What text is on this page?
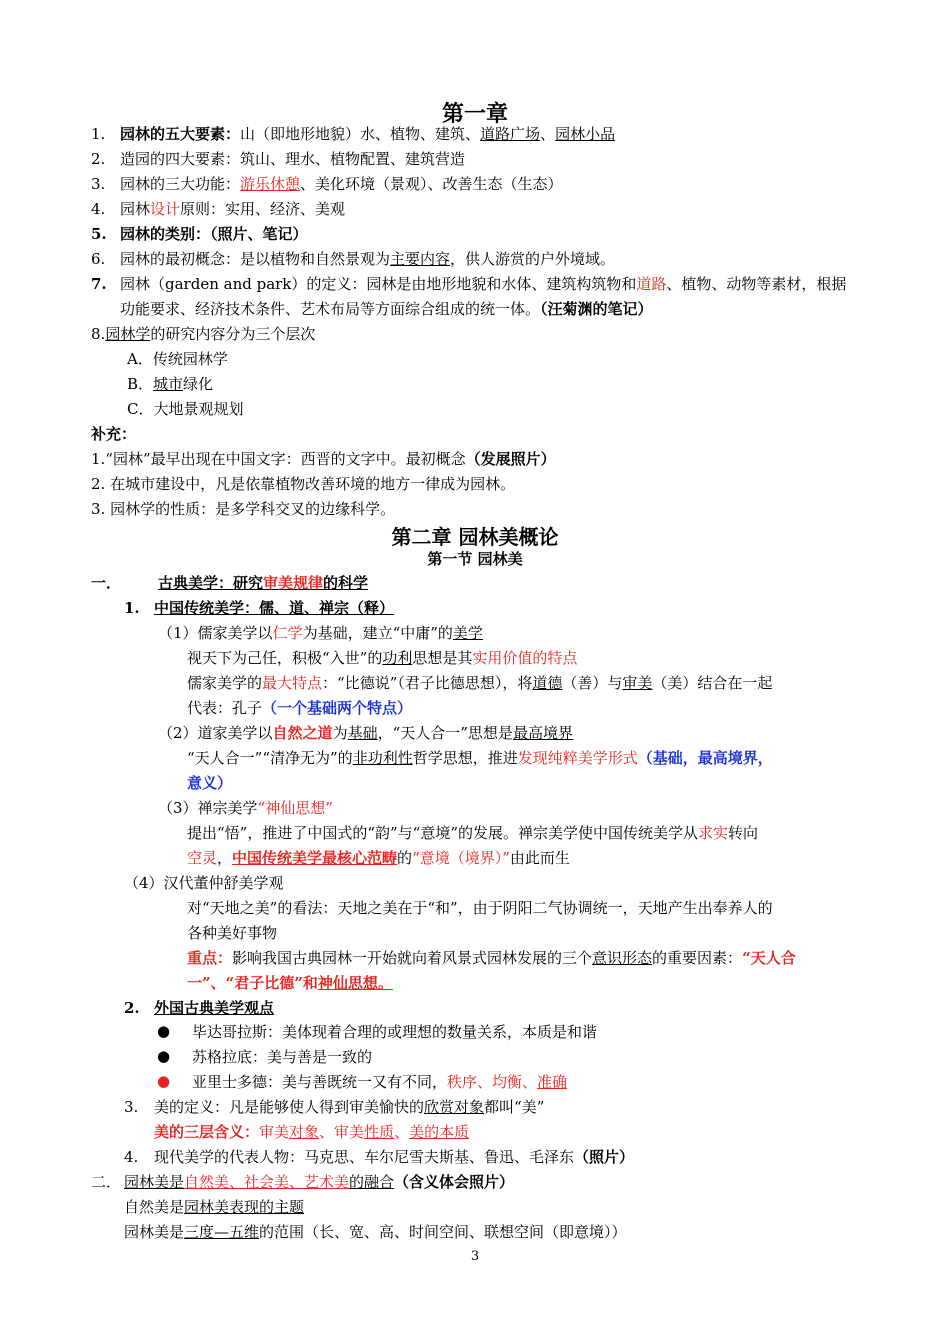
第一章
1. 园林的五大要素：山（即地形地貌）水、植物、建筑、道路广场、园林小品
2. 造园的四大要素：筑山、理水、植物配置、建筑营造
3. 园林的三大功能：游乐休憩、美化环境（景观）、改善生态（生态）
4. 园林设计原则：实用、经济、美观
5. 园林的类别：（照片、笔记）
6. 园林的最初概念：是以植物和自然景观为主要内容，供人游赏的户外境域。
7. 园林（garden and park）的定义：园林是由地形地貌和水体、建筑构筑物和道路、植物、动物等素材，根据
功能要求、经济技术条件、艺术布局等方面综合组成的统一体。（汪菊渊的笔记）
8.园林学的研究内容分为三个层次
A．传统园林学
B．城市绿化
C．大地景观规划
补充：
1.“园林”最早出现在中国文字：西晋的文字中。最初概念（发展照片）
2. 在城市建设中，凡是依靠植物改善环境的地方一律成为园林。
3. 园林学的性质：是多学科交叉的边缘科学。
第二章 园林美概论
第一节 园林美
一． 古典美学：研究审美规律的科学
1. 中国传统美学：儒、道、禅宗（释）
（1）儒家美学以仁学为基础，建立“中庸”的美学
视天下为己任，积极“入世”的功利思想是其实用价值的特点
儒家美学的最大特点：“比德说”（君子比德思想），将道德（善）与审美（美）结合在一起
代表：孔子（一个基础两个特点）
（2）道家美学以自然之道为基础，“天人合一”思想是最高境界
“天人合一”“清净无为”的非功利性哲学思想，推进发现纯粹美学形式（基础，最高境界，
意义）
（3）禅宗美学“神仙思想”
提出“悟”，推进了中国式的“韵”与“意境”的发展。禅宗美学使中国传统美学从求实转向
空灵，中国传统美学最核心范畴的“意境（境界）”由此而生
（4）汉代董仲舒美学观
对“天地之美”的看法：天地之美在于“和”，由于阴阳二气协调统一，天地产生出奉养人的
各种美好事物
重点：影响我国古典园林一开始就向着风景式园林发展的三个意识形态的重要因素：“天人合
一”、“君子比德”和神仙思想。
2. 外国古典美学观点
● 毕达哥拉斯：美体现着合理的或理想的数量关系，本质是和谐
● 苏格拉底：美与善是一致的
● 亚里士多德：美与善既统一又有不同，秩序、均衡、准确
3. 美的定义：凡是能够使人得到审美愉快的欣赏对象都叫“美”
美的三层含义：审美对象、审美性质、美的本质
4. 现代美学的代表人物：马克思、车尔尼雪夫斯基、鲁迅、毛泽东（照片）
二． 园林美是自然美、社会美、艺术美的融合（含义体会照片）
自然美是园林美表现的主题
园林美是三度—五维的范围（长、宽、高、时间空间、联想空间（即意境））
3
